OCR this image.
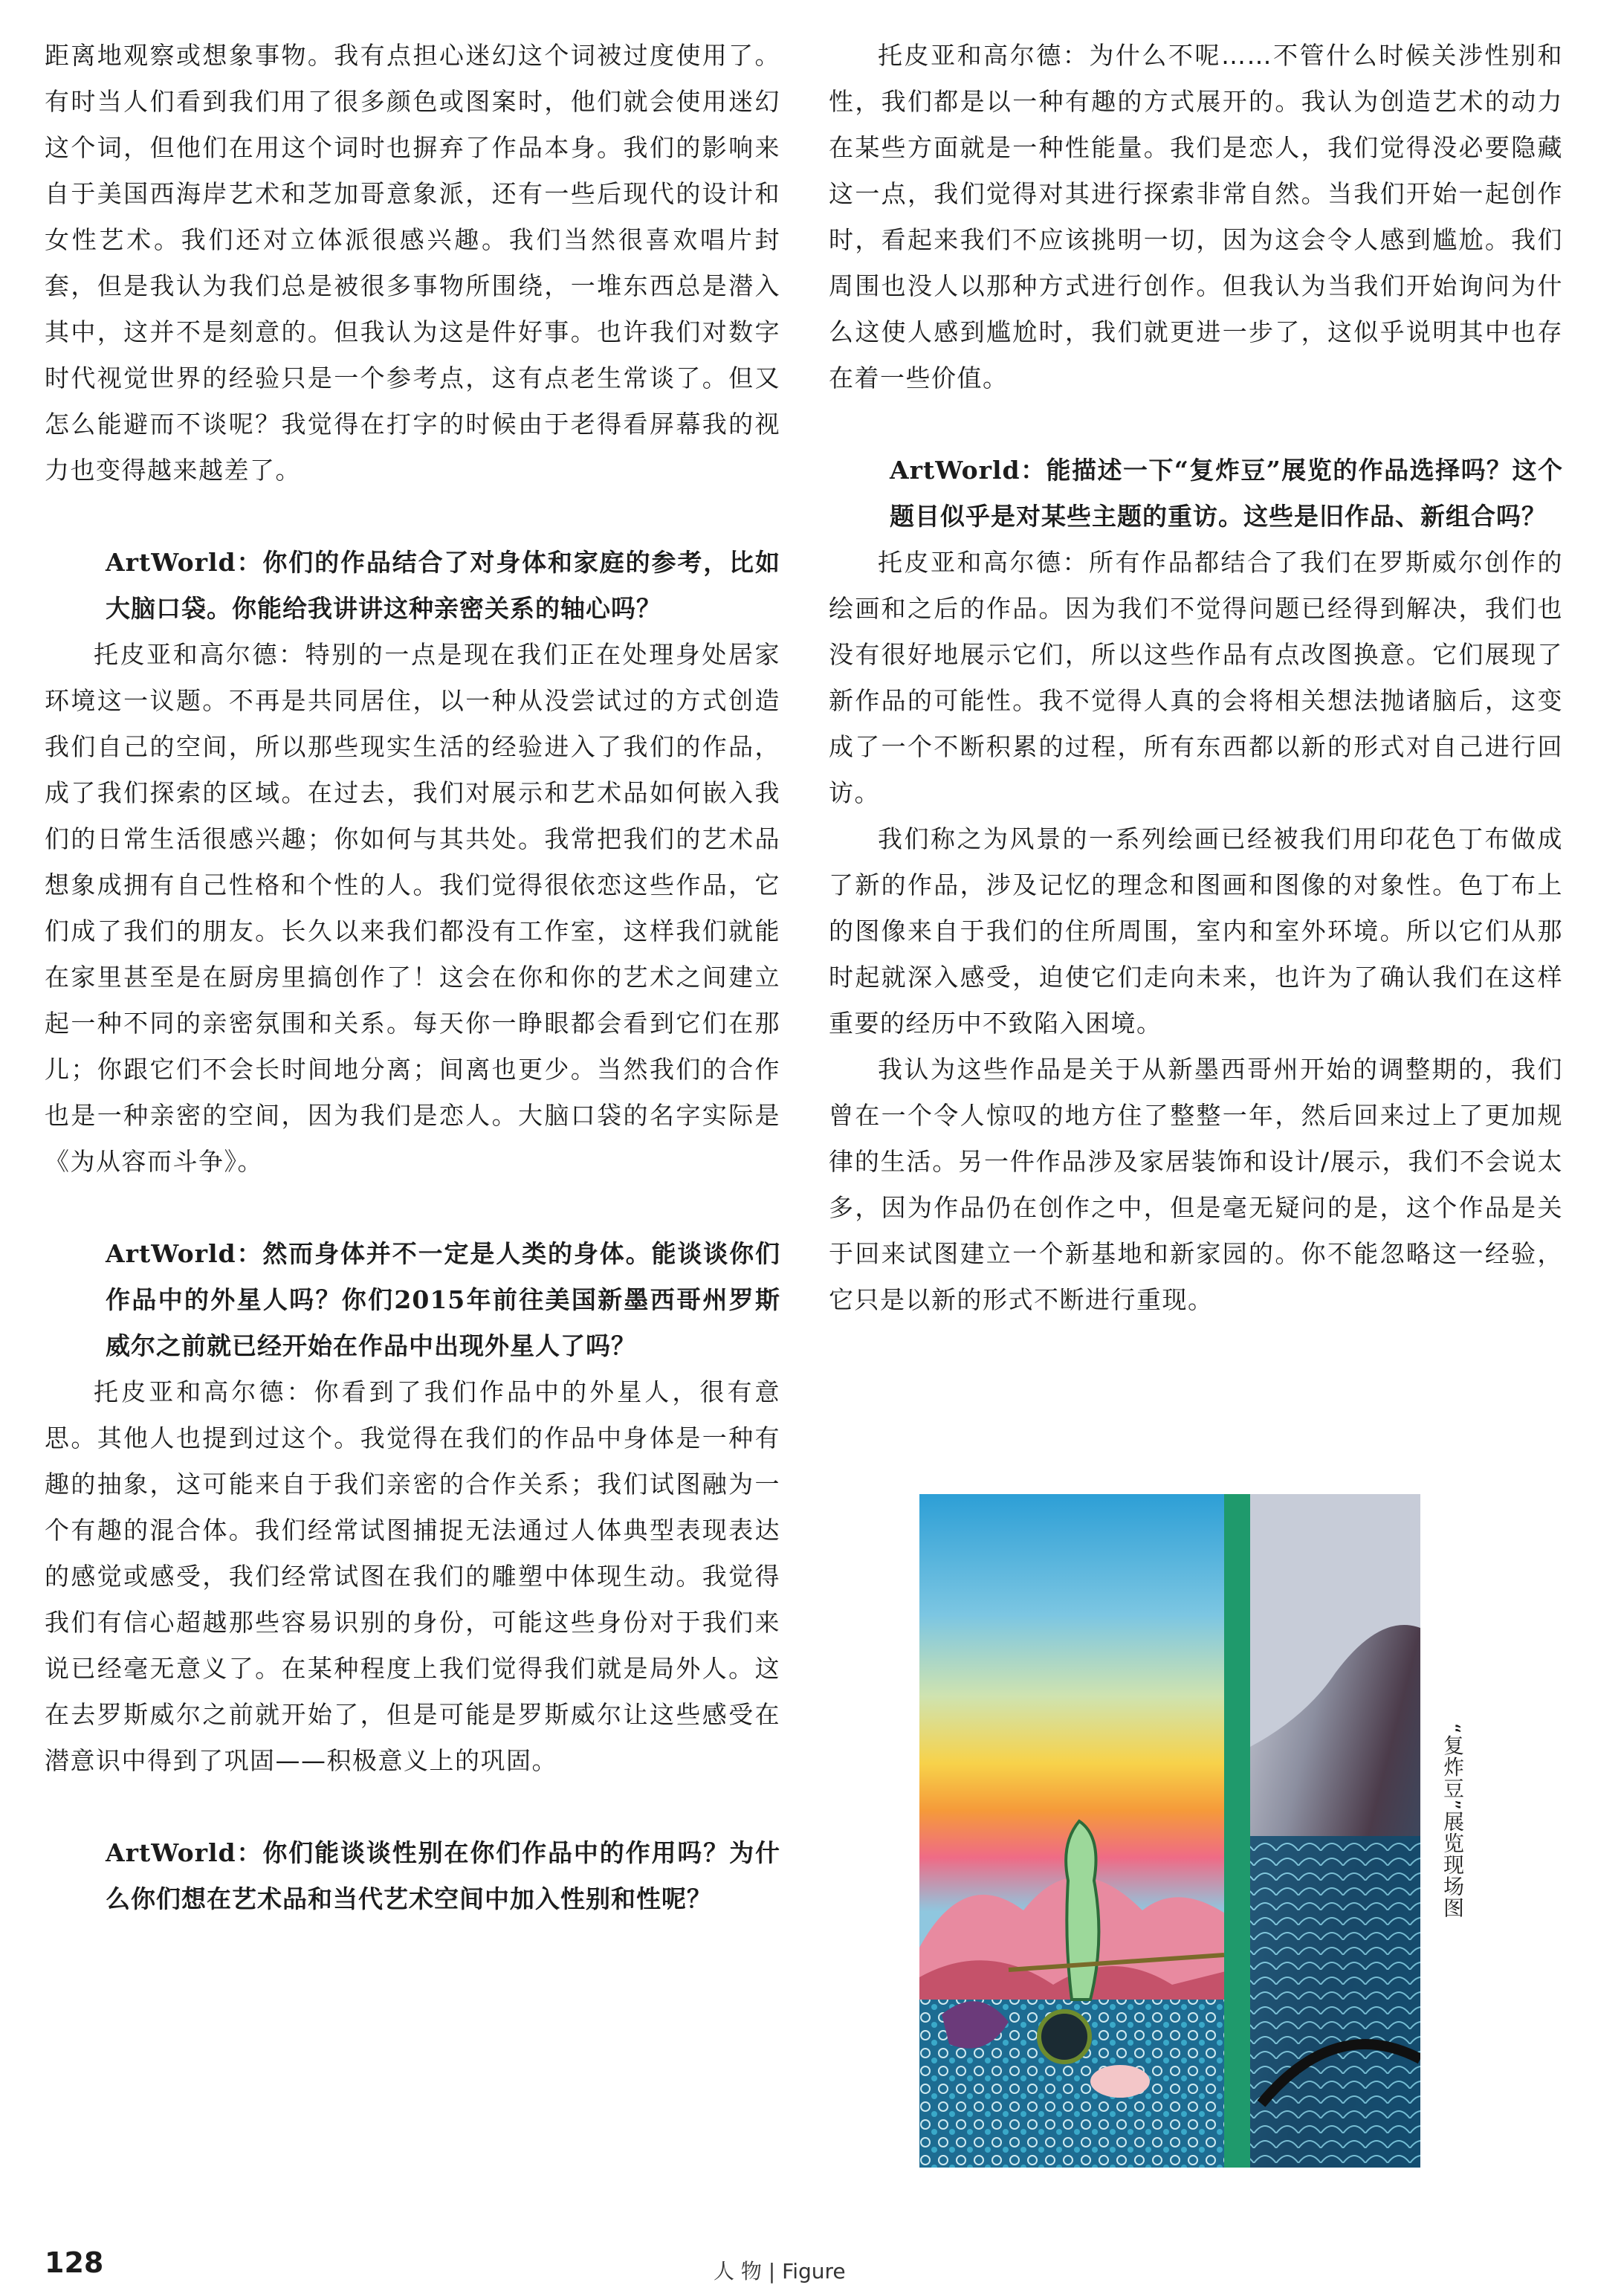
距离地观察或想象事物。我有点担心迷幻这个词被过度使用了。有时当人们看到我们用了很多颜色或图案时，他们就会使用迷幻这个词，但他们在用这个词时也摒弃了作品本身。我们的影响来自于美国西海岸艺术和芝加哥意象派，还有一些后现代的设计和女性艺术。我们还对立体派很感兴趣。我们当然很喜欢唱片封套，但是我认为我们总是被很多事物所围绕，一堆东西总是潜入其中，这并不是刻意的。但我认为这是件好事。也许我们对数字时代视觉世界的经验只是一个参考点，这有点老生常谈了。但又怎么能避而不谈呢？我觉得在打字的时候由于老得看屏幕我的视力也变得越来越差了。

ArtWorld：你们的作品结合了对身体和家庭的参考，比如大脑口袋。你能给我讲讲这种亲密关系的轴心吗？

托皮亚和高尔德：特别的一点是现在我们正在处理身处居家环境这一议题。不再是共同居住，以一种从没尝试过的方式创造我们自己的空间，所以那些现实生活的经验进入了我们的作品，成了我们探索的区域。在过去，我们对展示和艺术品如何嵌入我们的日常生活很感兴趣；你如何与其共处。我常把我们的艺术品想象成拥有自己性格和个性的人。我们觉得很依恋这些作品，它们成了我们的朋友。长久以来我们都没有工作室，这样我们就能在家里甚至是在厨房里搞创作了！这会在你和你的艺术之间建立起一种不同的亲密氛围和关系。每天你一睁眼都会看到它们在那儿；你跟它们不会长时间地分离；间离也更少。当然我们的合作也是一种亲密的空间，因为我们是恋人。大脑口袋的名字实际是《为从容而斗争》。

ArtWorld：然而身体并不一定是人类的身体。能谈谈你们作品中的外星人吗？你们2015年前往美国新墨西哥州罗斯威尔之前就已经开始在作品中出现外星人了吗？

托皮亚和高尔德：你看到了我们作品中的外星人，很有意思。其他人也提到过这个。我觉得在我们的作品中身体是一种有趣的抽象，这可能来自于我们亲密的合作关系；我们试图融为一个有趣的混合体。我们经常试图捕捉无法通过人体典型表现表达的感觉或感受，我们经常试图在我们的雕塑中体现生动。我觉得我们有信心超越那些容易识别的身份，可能这些身份对于我们来说已经毫无意义了。在某种程度上我们觉得我们就是局外人。这在去罗斯威尔之前就开始了，但是可能是罗斯威尔让这些感受在潜意识中得到了巩固——积极意义上的巩固。

ArtWorld：你们能谈谈性别在你们作品中的作用吗？为什么你们想在艺术品和当代艺术空间中加入性别和性呢？

托皮亚和高尔德：为什么不呢……不管什么时候关涉性别和性，我们都是以一种有趣的方式展开的。我认为创造艺术的动力在某些方面就是一种性能量。我们是恋人，我们觉得没必要隐藏这一点，我们觉得对其进行探索非常自然。当我们开始一起创作时，看起来我们不应该挑明一切，因为这会令人感到尴尬。我们周围也没人以那种方式进行创作。但我认为当我们开始询问为什么这使人感到尴尬时，我们就更进一步了，这似乎说明其中也存在着一些价值。

ArtWorld：能描述一下“复炸豆”展览的作品选择吗？这个题目似乎是对某些主题的重访。这些是旧作品、新组合吗？

托皮亚和高尔德：所有作品都结合了我们在罗斯威尔创作的绘画和之后的作品。因为我们不觉得问题已经得到解决，我们也没有很好地展示它们，所以这些作品有点改图换意。它们展现了新作品的可能性。我不觉得人真的会将相关想法抛诸脑后，这变成了一个不断积累的过程，所有东西都以新的形式对自己进行回访。

我们称之为风景的一系列绘画已经被我们用印花色丁布做成了新的作品，涉及记忆的理念和图画和图像的对象性。色丁布上的图像来自于我们的住所周围，室内和室外环境。所以它们从那时起就深入感受，迫使它们走向未来，也许为了确认我们在这样重要的经历中不致陷入困境。

我认为这些作品是关于从新墨西哥州开始的调整期的，我们曾在一个令人惊叹的地方住了整整一年，然后回来过上了更加规律的生活。另一件作品涉及家居装饰和设计/展示，我们不会说太多，因为作品仍在创作之中，但是毫无疑问的是，这个作品是关于回来试图建立一个新基地和新家园的。你不能忽略这一经验，它只是以新的形式不断进行重现。

“复炸豆”展览现场图
128	人 物 | Figure
